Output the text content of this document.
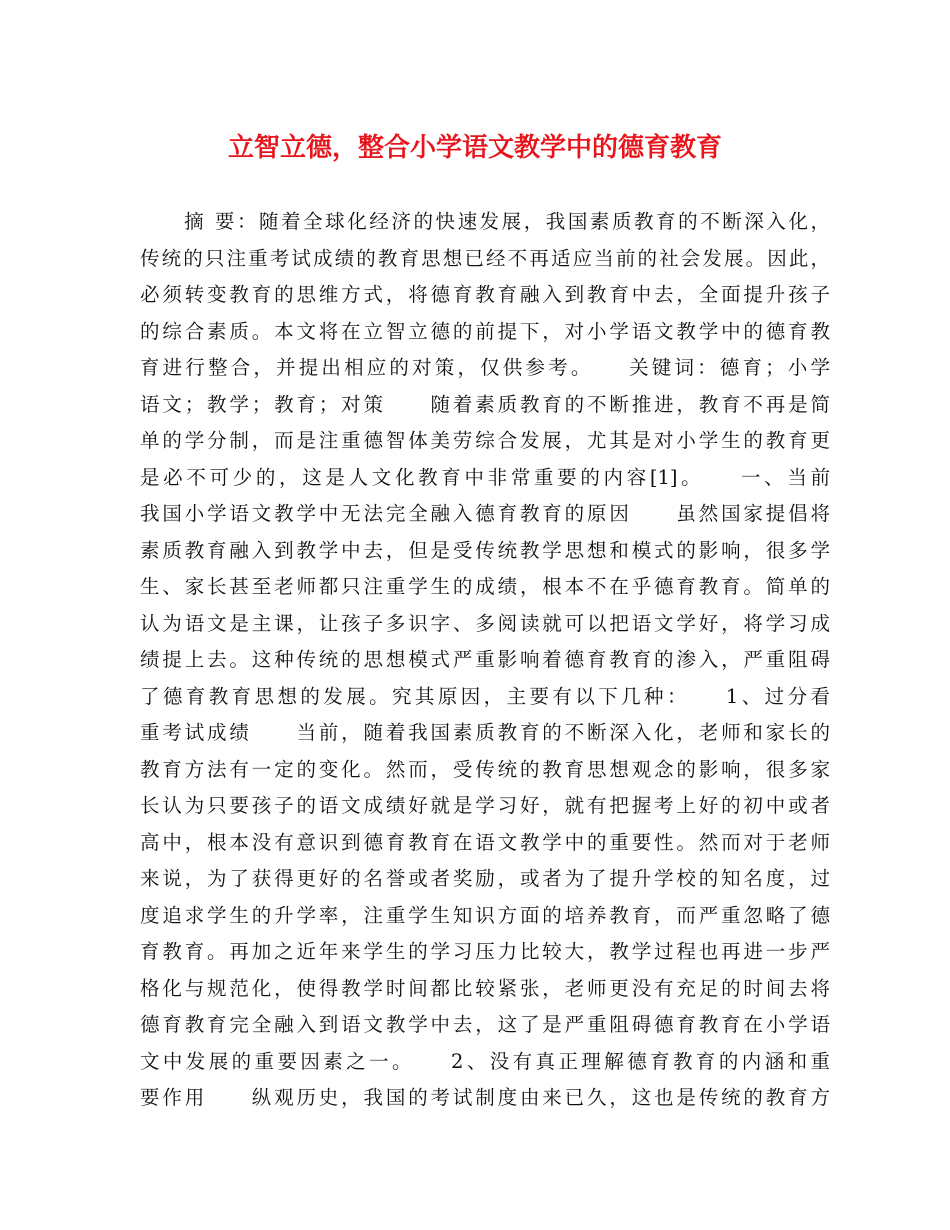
立智立德，整合小学语文教学中的德育教育
　　摘 要：随着全球化经济的快速发展，我国素质教育的不断深入化，
传统的只注重考试成绩的教育思想已经不再适应当前的社会发展。因此，
必须转变教育的思维方式，将德育教育融入到教育中去，全面提升孩子
的综合素质。本文将在立智立德的前提下，对小学语文教学中的德育教
育进行整合，并提出相应的对策，仅供参考。　　关键词：德育；小学
语文；教学；教育；对策　　随着素质教育的不断推进，教育不再是简
单的学分制，而是注重德智体美劳综合发展，尤其是对小学生的教育更
是必不可少的，这是人文化教育中非常重要的内容[1]。　　一、当前
我国小学语文教学中无法完全融入德育教育的原因　　虽然国家提倡将
素质教育融入到教学中去，但是受传统教学思想和模式的影响，很多学
生、家长甚至老师都只注重学生的成绩，根本不在乎德育教育。简单的
认为语文是主课，让孩子多识字、多阅读就可以把语文学好，将学习成
绩提上去。这种传统的思想模式严重影响着德育教育的渗入，严重阻碍
了德育教育思想的发展。究其原因，主要有以下几种：　　1、过分看
重考试成绩　　当前，随着我国素质教育的不断深入化，老师和家长的
教育方法有一定的变化。然而，受传统的教育思想观念的影响，很多家
长认为只要孩子的语文成绩好就是学习好，就有把握考上好的初中或者
高中，根本没有意识到德育教育在语文教学中的重要性。然而对于老师
来说，为了获得更好的名誉或者奖励，或者为了提升学校的知名度，过
度追求学生的升学率，注重学生知识方面的培养教育，而严重忽略了德
育教育。再加之近年来学生的学习压力比较大，教学过程也再进一步严
格化与规范化，使得教学时间都比较紧张，老师更没有充足的时间去将
德育教育完全融入到语文教学中去，这了是严重阻碍德育教育在小学语
文中发展的重要因素之一。　　2、没有真正理解德育教育的内涵和重
要作用　　纵观历史，我国的考试制度由来已久，这也是传统的教育方
